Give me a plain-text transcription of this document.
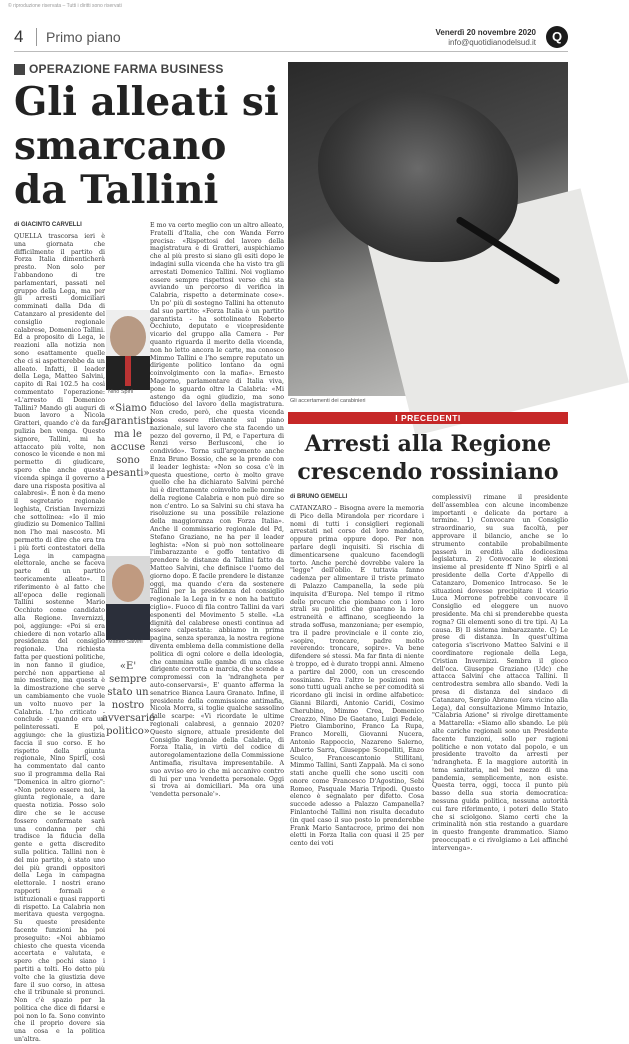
© riproduzione riservata – Tutti i diritti sono riservati
4 Primo piano	Venerdì 20 novembre 2020
info@quotidianodelsud.it	Q
OPERAZIONE FARMA BUSINESS
Gli alleati si smarcano da Tallini
Gli accertamenti dei carabinieri
di GIACINTO CARVELLI
QUELLA trascorsa ieri è una giornata che difficilmente il partito di Forza Italia dimenticherà presto. Non solo per l'abbandono di tre parlamentari, passati nel gruppo della Lega, ma per gli arresti domiciliari comminati dalla Dda di Catanzaro al presidente del consiglio regionale calabrese, Domenico Tallini. Ed a proposito di Lega, le reazioni alla notizia non sono esattamente quelle che ci si aspetterebbe da un alleato. Infatti, il leader della Lega, Matteo Salvini, capito di Rai 102.5 ha così commentato l'operazione: «L'arresto di Domenico Tallini? Mando gli auguri di buon lavoro a Nicola Gratteri, quando c'è da fare pulizia ben venga. Questo signore, Tallini, mi ha attaccato più volte, non conosco le vicende e non mi permetto di giudicare, spero che anche questa vicenda spinga il governo a dare una risposta positiva al calabresi». E non è da meno il segretario regionale leghista, Cristian Invernizzi che sottolinea: «Io il mio giudizio su Domenico Tallini non l'ho mai nascosto. Mi permetto di dire che era tra i più forti contestatori della Lega in campagna elettorale, anche se faceva parte di un partito teoricamente alleato». Il riferimento è al fatto che all'epoca delle regionali Tallini sostenne Mario Occhiuto come candidato alla Regione. Invernizzi, poi, aggiunge: «Poi si era chiedere di non votarlo alla presidenza del consiglio regionale. Una richiesta fatta per questioni politiche, in non fanno il giudice, perché non appartiene al mio mestiere, ma questa è la dimostrazione che serve un cambiamento che vuole un volto nuovo per la Calabria. L'ho criticato - conclude - quando era un pelinteressati. E poi, aggiungo: che la giustizia faccia il suo corso. E ho rispetto della giunta regionale, Nino Spirlì, così ha commentato dal canto suo il programma della Rai "Domenica in altro giorno": «Non potevo essere noi, la giunta regionale, a dare questa notizia. Posso solo dire che se le accuse fossero confermate sarà una condanna per chi tradisce la fiducia della gente e getta discredito sulla politica. Tallini non è del mio partito, è stato uno dei più grandi oppositori della Lega in campagna elettorale. I nostri erano rapporti formali e istituzionali e quasi rapporti di rispetto. La Calabria non meritava questa vergogna. Su queste presidente facente funzioni ha poi proseguito: «Noi abbiamo chiesto che questa vicenda accertata e valutata, e spero che pochi siano i partiti a tolti. Ho detto più volte che la giustizia deve fare il suo corso, in attesa che il tribunale si pronunci. Non c'è spazio per la politica che dice di fidarsi e poi non lo fa. Sono convinto che il proprio dovere sia una cosa e la politica un'altra.
E mo va certo meglio con un altro alleato, Fratelli d'Italia, che con Wanda Ferro precisa: «Rispettosi del lavoro della magistratura e di Gratteri, auspichiamo che al più presto si siano gli esiti dopo le indagini sulla vicenda che ha visto tra gli arrestati Domenico Tallini. Noi vogliamo essere sempre rispettosi verso chi sta avviando un percorso di verifica in Calabria, rispetto a determinate cose». Un po' più di sostegno Tallini ha ottenuto dal suo partito: «Forza Italia è un partito garantista - ha sottolineato Roberto Occhiuto, deputato e vicepresidente vicario del gruppo alla Camera - Per quanto riguarda il merito della vicenda, non ho letto ancora le carte, ma conosco Mimmo Tallini e l'ho sempre reputato un dirigente politico lontano da ogni coinvolgimento con la mafia». Ernesto Magorno, parlamentare di Italia viva, pone lo sguardo oltre la Calabria: «Mi astengo da ogni giudizio, ma sono fiducioso del lavoro della magistratura. Non credo, però, che questa vicenda possa essere rilevante sul piano nazionale, sul lavoro che sta facendo un pezzo del governo, il Pd, e l'apertura di Renzi verso Berlusconi, che io condivido». Torna sull'argomento anche Enza Bruno Bossio, che se la prende con il leader leghista: «Non so cosa c'è in questa questione, certo è molto grave quello che ha dichiarato Salvini perché lui è direttamente coinvolto nelle nomine della regione Calabria e non può dire so non c'entro. Lo sa Salvini su chi stava ha risoluzione su una possibile relazione della maggioranza con Forza Italia». Anche il commissario regionale del Pd, Stefano Graziano, ne ha per il leader leghista: «Non si può non sottolineare l'imbarazzante e goffo tentativo di prendere le distanze da Tallini fatto da Matteo Salvini, che definisce l'uomo del giorno dopo. È facile prendere le distanze oggi, ma quando c'era da sostenere Tallini per la presidenza del consiglio regionale la Lega in tv e non ha battuto ciglio». Fuoco di fila contro Tallini da vari esponenti del Movimento 5 stelle. «La dignità del calabrese onesti continua ad essere calpestata: abbiamo in prima pagina, senza speranza, la nostra regione diventa emblema della commistione della politica di ogni colore e della ideologia, che cammina sulle gambe di una classe dirigente corrotta e marcia, che scende a compromessi con la 'ndrangheta per auto-conservarsi», E' quanto afferma la senatrice Bianca Laura Granato. Infine, il presidente della commissione antimafia, Nicola Morra, si toglie qualche sassolino dalle scarpe: «Vi ricordate le ultime regionali calabresi, a gennaio 2020? Questo signore, attuale presidente del Consiglio Regionale della Calabria, di Forza Italia, in virtù del codice di autoregolamentazione della Commissione Antimafia, risultava impresentabile. A suo avviso ero io che mi accanivo contro di lui per una 'vendetta personale. Oggi si trova ai domiciliari. Ma ora una 'vendetta personale'».
Nino Spirlì
«Siamo garantisti ma le accuse sono pesanti»
Matteo Salvini
«E' sempre stato un nostro avversario politico»
I PRECEDENTI
Arresti alla Regione crescendo rossiniano
di BRUNO GEMELLI
CATANZARO – Bisogna avere la memoria di Pico della Mirandola per ricordare i nomi di tutti i consiglieri regionali arrestati nel corso del loro mandato, oppure prima oppure dopo. Per non parlare degli inquisiti. Si rischia di dimenticarsene qualcuno facendogli torto. Anche perché dovrebbe valere la "legge" dell'oblio. E tuttavia fanno cadenza per alimentare il triste primato di Palazzo Campanella, la sede più inquisita d'Europa. Nel tempo il ritmo delle procure che piombano con i loro strali su politici che guarano la loro estraneità e affinano, sceglieendo la strada soffusa, manzoniana; per esempio, tra il padre provinciale e il conte zio, «sopire, troncare, padre molto reverendo: troncare, sopire». Va bene difendere sé stessi. Ma far finta di niente è troppo, ed è durato troppi anni. Almeno a partire dal 2000, con un crescendo rossiniano. Fra l'altro le posizioni non sono tutti uguali anche se per comodità si ricordano gli incisi in ordine alfabetico: Gianni Bilardi, Antonio Caridi, Cosimo Cherubino, Mimmo Crea, Domenico Creazzo, Nino De Gaetano, Luigi Fedele, Pietro Giamborino, Franco La Rupa, Franco Morelli, Giovanni Nucera, Antonio Rappoccio, Nazareno Salerno, Alberto Sarra, Giuseppe Scopelliti, Enzo Sculco, Francescantonio Stillitani, Mimmo Tallini, Santi Zappalà. Ma ci sono stati anche quelli che sono usciti con onore come Francesco D'Agostino, Sebi Romeo, Pasquale Maria Tripodi. Questo elenco è segnalato per difetto. Cosa succede adesso a Palazzo Campanella? Finlantoché Tallini non risulta decaduto (in quel caso il suo posto lo prenderebbe Frank Mario Santacroce, primo dei non eletti in Forza Italia con quasi il 25 per cento dei voti
complessivi) rimane il presidente dell'assemblea con alcune incombenze importanti e delicate da portare a termine. 1) Convocare un Consiglio straordinario, su sua facoltà, per approvare il bilancio, anche se lo strumento contabile probabilmente passerà in eredità alla dodicesima legislatura. 2) Convocare le elezioni insieme al presidente ff Nino Spirlì e al presidente della Corte d'Appello di Catanzaro, Domenico Introcaso. Se le situazioni dovesse precipitare il vicario Luca Morrone potrebbe convocare il Consiglio ed eleggere un nuovo presidente. Ma chi si prenderebbe questa rogna? Gli elementi sono di tre tipi. A) La causa. B) Il sistema imbarazzante. C) Le prese di distanza. In quest'ultima categoria s'iscrivono Matteo Salvini e il coordinatore regionale della Lega, Cristian Invernizzi. Sembra il gioco dell'oca. Giuseppe Graziano (Udc) che attacca Salvini che attacca Tallini. Il centrodestra sembra allo sbando. Vedi la presa di distanza del sindaco di Catanzaro, Sergio Abramo (era vicino alla Lega), dal consultazione Mimmo Intazio, "Calabria Azione" si rivolge direttamente a Mattarella: «Siamo allo sbando. Le più alte cariche regionali sono un Presidente facente funzioni, sollo per ragioni politiche e non votato dal popolo, e un presidente travolto da arresti per 'ndrangheta. È la maggiore autorità in tema sanitaria, nel bel mezzo di una pandemia, semplicemente, non esiste. Questa terra, oggi, tocca il punto più basso della sua storia democratica: nessuna guida politica, nessuna autorità cui fare riferimento, i poteri dello Stato che si sciolgono. Siamo certi che la criminalità non stia restando a guardare in questo frangente drammatico. Siamo preoccupati e ci rivolgiamo a Lei affinché intervenga».
